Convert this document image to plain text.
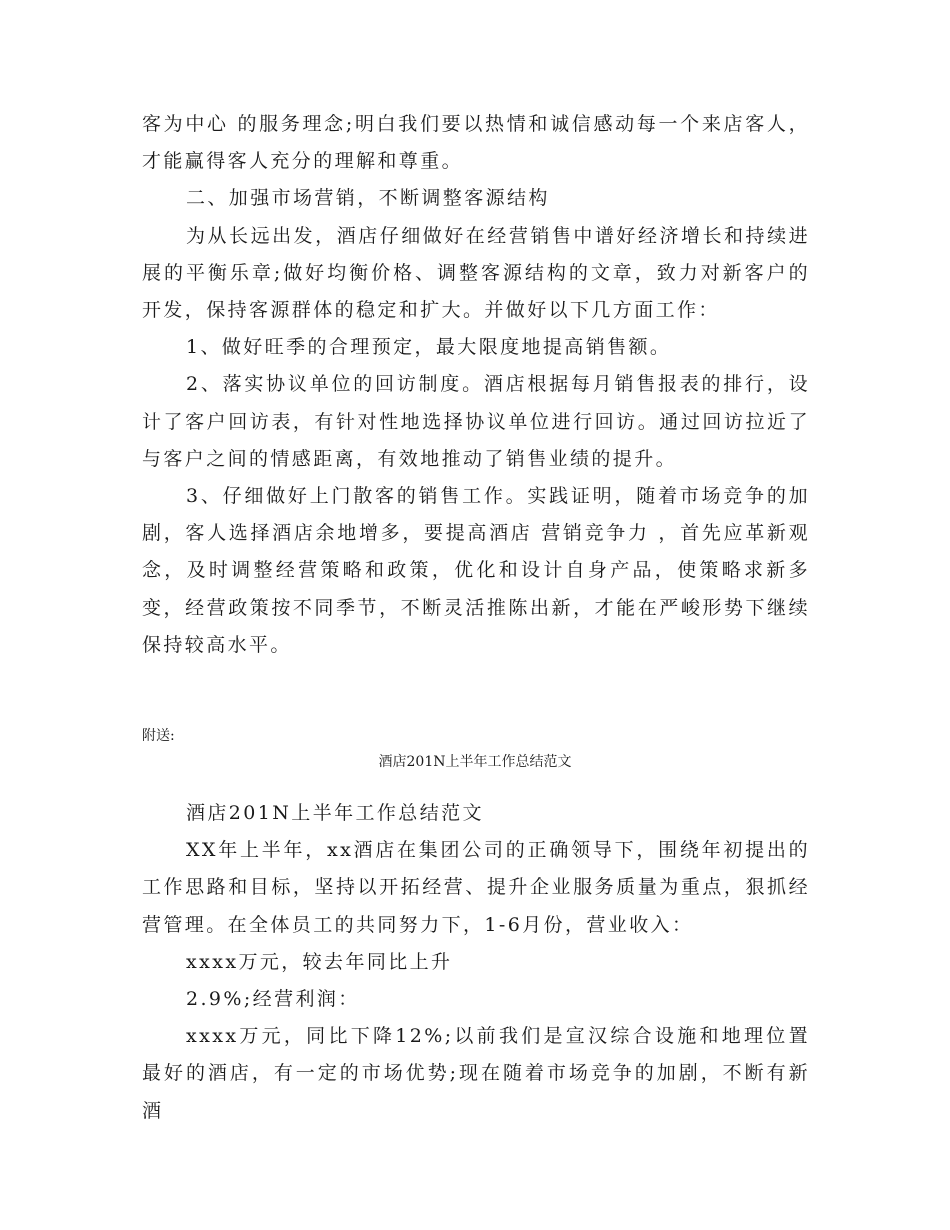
客为中心 的服务理念;明白我们要以热情和诚信感动每一个来店客人，才能赢得客人充分的理解和尊重。

二、加强市场营销，不断调整客源结构

为从长远出发，酒店仔细做好在经营销售中谱好经济增长和持续进展的平衡乐章;做好均衡价格、调整客源结构的文章，致力对新客户的开发，保持客源群体的稳定和扩大。并做好以下几方面工作：

1、做好旺季的合理预定，最大限度地提高销售额。

2、落实协议单位的回访制度。酒店根据每月销售报表的排行，设计了客户回访表，有针对性地选择协议单位进行回访。通过回访拉近了与客户之间的情感距离，有效地推动了销售业绩的提升。

3、仔细做好上门散客的销售工作。实践证明，随着市场竞争的加剧，客人选择酒店余地增多，要提高酒店 营销竞争力 ，首先应革新观念，及时调整经营策略和政策，优化和设计自身产品，使策略求新多变，经营政策按不同季节，不断灵活推陈出新，才能在严峻形势下继续保持较高水平。

附送:
酒店201N上半年工作总结范文

酒店201N上半年工作总结范文

XX年上半年，xx酒店在集团公司的正确领导下，围绕年初提出的工作思路和目标，坚持以开拓经营、提升企业服务质量为重点，狠抓经营管理。在全体员工的共同努力下，1-6月份，营业收入：

xxxx万元，较去年同比上升

2.9%;经营利润：

xxxx万元，同比下降12%;以前我们是宣汉综合设施和地理位置最好的酒店，有一定的市场优势;现在随着市场竞争的加剧，不断有新酒
